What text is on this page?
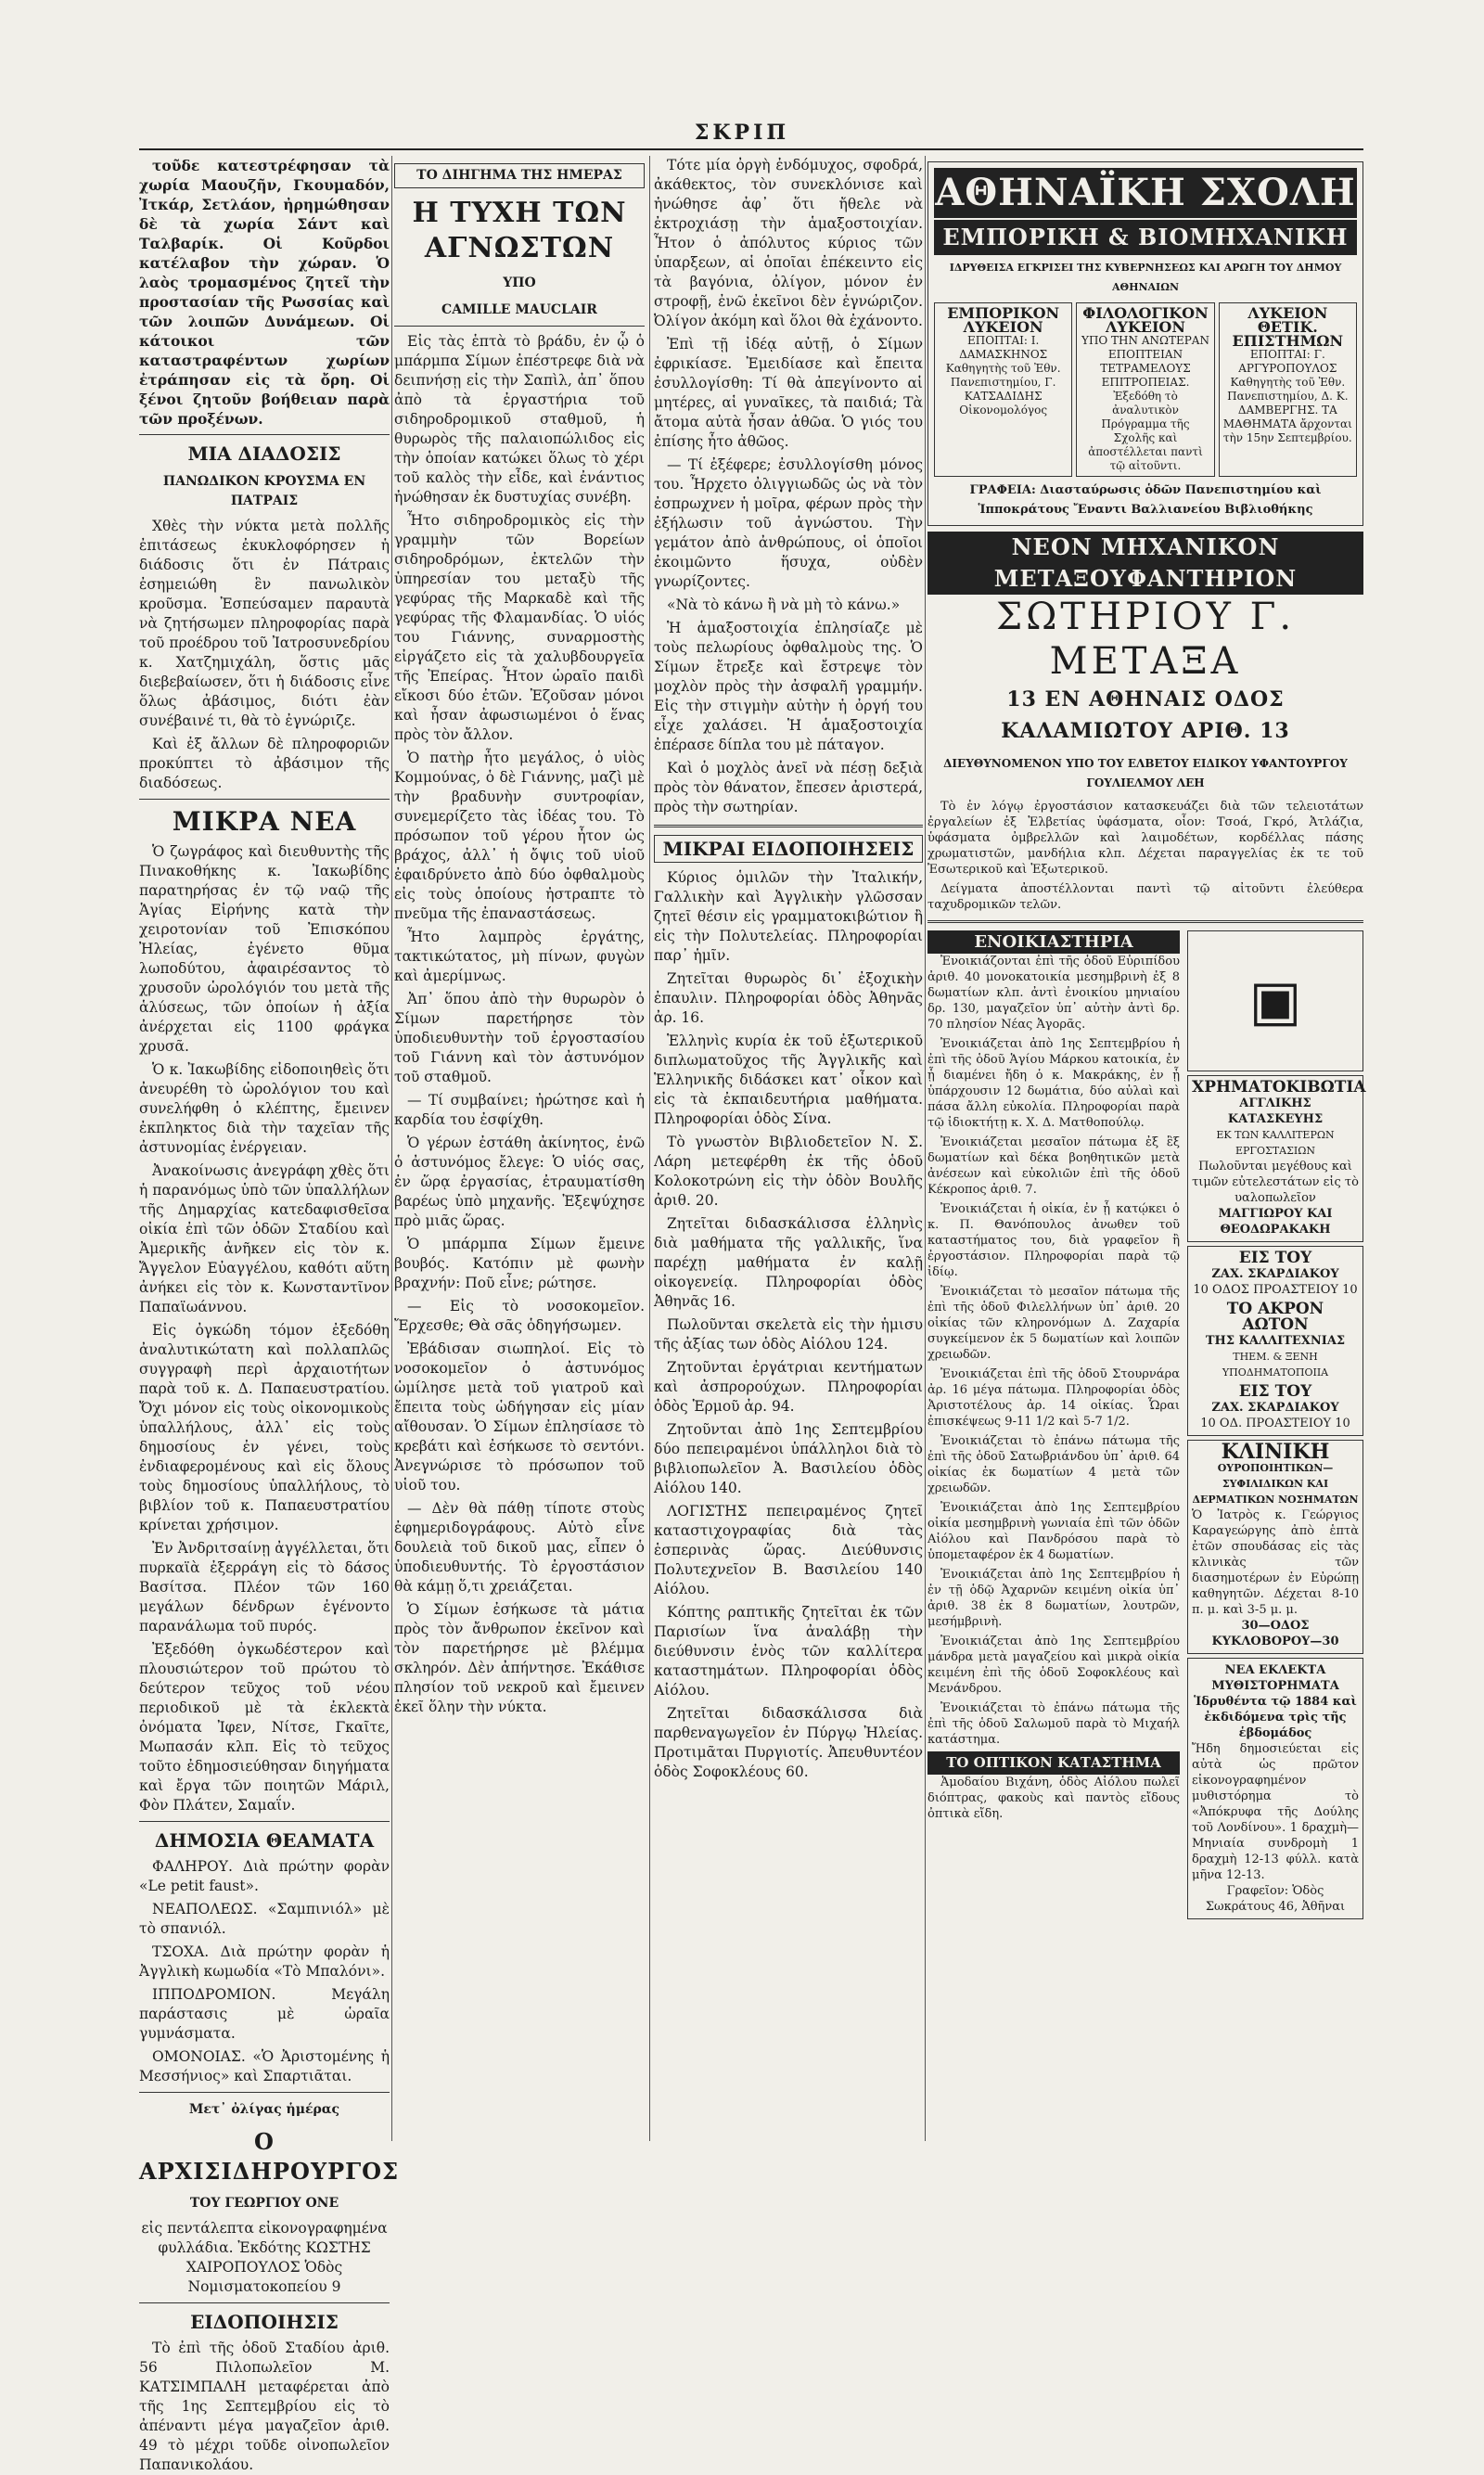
ΣΚΡΙΠ

τοῦδε κατεστρέφησαν τὰ χωρία Μαουζῆν, Γκουμαδόν, Ἰτκάρ, Σετλάον, ἠρημώθησαν δὲ τὰ χωρία Σάντ καὶ Ταλβαρίκ. Οἱ Κοῦρδοι κατέλαβον τὴν χώραν. Ὁ λαὸς τρομασμένος ζητεῖ τὴν προστασίαν τῆς Ρωσσίας καὶ τῶν λοιπῶν Δυνάμεων. Οἱ κάτοικοι τῶν καταστραφέντων χωρίων ἐτράπησαν εἰς τὰ ὄρη. Οἱ ξένοι ζητοῦν βοήθειαν παρὰ τῶν προξένων.

ΜΙΑ ΔΙΑΔΟΣΙΣ
ΠΑΝΩΔΙΚΟΝ ΚΡΟΥΣΜΑ ΕΝ ΠΑΤΡΑΙΣ

Χθὲς τὴν νύκτα μετὰ πολλῆς ἐπιτάσεως ἐκυκλοφόρησεν ἡ διάδοσις ὅτι ἐν Πάτραις ἐσημειώθη ἓν πανωλικὸν κροῦσμα. Ἐσπεύσαμεν παραυτὰ νὰ ζητήσωμεν πληροφορίας παρὰ τοῦ προέδρου τοῦ Ἰατροσυνεδρίου κ. Χατζημιχάλη, ὅστις μᾶς διεβεβαίωσεν, ὅτι ἡ διάδοσις εἶνε ὅλως ἀβάσιμος, διότι ἐὰν συνέβαινέ τι, θὰ τὸ ἐγνώριζε.

Καὶ ἐξ ἄλλων δὲ πληροφοριῶν προκύπτει τὸ ἀβάσιμον τῆς διαδόσεως.

ΜΙΚΡΑ ΝΕΑ

Ὁ ζωγράφος καὶ διευθυντὴς τῆς Πινακοθήκης κ. Ἰακωβίδης παρατηρήσας ἐν τῷ ναῷ τῆς Ἁγίας Εἰρήνης κατὰ τὴν χειροτονίαν τοῦ Ἐπισκόπου Ἠλείας, ἐγένετο θῦμα λωποδύτου, ἀφαιρέσαντος τὸ χρυσοῦν ὡρολόγιόν του μετὰ τῆς ἁλύσεως, τῶν ὁποίων ἡ ἀξία ἀνέρχεται εἰς 1100 φράγκα χρυσᾶ.

Ὁ κ. Ἰακωβίδης εἰδοποιηθεὶς ὅτι ἀνευρέθη τὸ ὡρολόγιον του καὶ συνελήφθη ὁ κλέπτης, ἔμεινεν ἐκπληκτος διὰ τὴν ταχεῖαν τῆς ἀστυνομίας ἐνέργειαν.

Ἀνακοίνωσις ἀνεγράφη χθὲς ὅτι ἡ παρανόμως ὑπὸ τῶν ὑπαλλήλων τῆς Δημαρχίας κατεδαφισθεῖσα οἰκία ἐπὶ τῶν ὁδῶν Σταδίου καὶ Ἀμερικῆς ἀνῆκεν εἰς τὸν κ. Ἄγγελον Εὐαγγέλου, καθότι αὕτη ἀνήκει εἰς τὸν κ. Κωνσταντῖνον Παπαϊωάννου.

Εἰς ὀγκώδη τόμον ἐξεδόθη ἀναλυτικώτατη καὶ πολλαπλῶς συγγραφὴ περὶ ἀρχαιοτήτων παρὰ τοῦ κ. Δ. Παπαευστρατίου. Ὄχι μόνον εἰς τοὺς οἰκονομικοὺς ὑπαλλήλους, ἀλλ᾽ εἰς τοὺς δημοσίους ἐν γένει, τοὺς ἐνδιαφερομένους καὶ εἰς ὅλους τοὺς δημοσίους ὑπαλλήλους, τὸ βιβλίον τοῦ κ. Παπαευστρατίου κρίνεται χρήσιμον.

Ἐν Ἀνδριτσαίνῃ ἀγγέλλεται, ὅτι πυρκαϊὰ ἐξερράγη εἰς τὸ δάσος Βασίτσα. Πλέον τῶν 160 μεγάλων δένδρων ἐγένοντο παρανάλωμα τοῦ πυρός.

Ἐξεδόθη ὀγκωδέστερον καὶ πλουσιώτερον τοῦ πρώτου τὸ δεύτερον τεῦχος τοῦ νέου περιοδικοῦ μὲ τὰ ἐκλεκτὰ ὀνόματα Ἰφεν, Νίτσε, Γκαῖτε, Μωπασάν κλπ. Εἰς τὸ τεῦχος τοῦτο ἐδημοσιεύθησαν διηγήματα καὶ ἔργα τῶν ποιητῶν Μάριλ, Φὸν Πλάτεν, Σαμαΐν.

ΔΗΜΟΣΙΑ ΘΕΑΜΑΤΑ

ΦΑΛΗΡΟΥ. Διὰ πρώτην φορὰν «Le petit faust».

ΝΕΑΠΟΛΕΩΣ. «Σαμπινιόλ» μὲ τὸ σπανιόλ.

ΤΣΟΧΑ. Διὰ πρώτην φορὰν ἡ Ἀγγλικὴ κωμωδία «Τὸ Μπαλόνι».

ΙΠΠΟΔΡΟΜΙΟΝ. Μεγάλη παράστασις μὲ ὡραῖα γυμνάσματα.

ΟΜΟΝΟΙΑΣ. «Ὁ Ἀριστομένης ἡ Μεσσήνιος» καὶ Σπαρτιᾶται.

Μετ᾽ ὀλίγας ἡμέρας
Ο ΑΡΧΙΣΙΔΗΡΟΥΡΓΟΣ
ΤΟΥ ΓΕΩΡΓΙΟΥ ΟΝΕ

εἰς πεντάλεπτα εἰκονογραφημένα φυλλάδια. Ἐκδότης ΚΩΣΤΗΣ ΧΑΙΡΟΠΟΥΛΟΣ Ὁδὸς Νομισματοκοπείου 9

ΕΙΔΟΠΟΙΗΣΙΣ

Τὸ ἐπὶ τῆς ὁδοῦ Σταδίου ἀριθ. 56 Πιλοπωλεῖον Μ. ΚΑΤΣΙΜΠΑΛΗ μεταφέρεται ἀπὸ τῆς 1ης Σεπτεμβρίου εἰς τὸ ἀπέναντι μέγα μαγαζεῖον ἀριθ. 49 τὸ μέχρι τοῦδε οἰνοπωλεῖον Παπανικολάου.

ΤΟ ΔΙΗΓΗΜΑ ΤΗΣ ΗΜΕΡΑΣ
Η ΤΥΧΗ ΤΩΝ ΑΓΝΩΣΤΩΝ
ΥΠΟ
CAMILLE MAUCLAIR

Εἰς τὰς ἑπτὰ τὸ βράδυ, ἐν ᾧ ὁ μπάρμπα Σίμων ἐπέστρεφε διὰ νὰ δειπνήσῃ εἰς τὴν Σαπὶλ, ἀπ᾽ ὅπου ἀπὸ τὰ ἐργαστήρια τοῦ σιδηροδρομικοῦ σταθμοῦ, ἡ θυρωρὸς τῆς παλαιοπώλιδος εἰς τὴν ὁποίαν κατώκει ὅλως τὸ χέρι τοῦ καλὸς τὴν εἶδε, καὶ ἐνάντιος ἠνώθησαν ἐκ δυστυχίας συνέβη.

Ἦτο σιδηροδρομικὸς εἰς τὴν γραμμὴν τῶν Βορείων σιδηροδρόμων, ἐκτελῶν τὴν ὑπηρεσίαν του μεταξὺ τῆς γεφύρας τῆς Μαρκαδὲ καὶ τῆς γεφύρας τῆς Φλαμανδίας. Ὁ υἱός του Γιάννης, συναρμοστὴς εἰργάζετο εἰς τὰ χαλυβδουργεῖα τῆς Ἐπείρας. Ἦτον ὡραῖο παιδὶ εἴκοσι δύο ἐτῶν. Ἐζοῦσαν μόνοι καὶ ἦσαν ἀφωσιωμένοι ὁ ἕνας πρὸς τὸν ἄλλον.

Ὁ πατὴρ ἦτο μεγάλος, ὁ υἱὸς Κομμούνας, ὁ δὲ Γιάννης, μαζὶ μὲ τὴν βραδυνὴν συντροφίαν, συνεμερίζετο τὰς ἰδέας του. Τὸ πρόσωπον τοῦ γέρου ἦτον ὡς βράχος, ἀλλ᾽ ἡ ὄψις τοῦ υἱοῦ ἐφαιδρύνετο ἀπὸ δύο ὀφθαλμοὺς εἰς τοὺς ὁποίους ἠστραπτε τὸ πνεῦμα τῆς ἐπαναστάσεως.

Ἦτο λαμπρὸς ἐργάτης, τακτικώτατος, μὴ πίνων, φυγὼν καὶ ἀμερίμνως.

Ἀπ᾽ ὅπου ἀπὸ τὴν θυρωρὸν ὁ Σίμων παρετήρησε τὸν ὑποδιευθυντὴν τοῦ ἐργοστασίου τοῦ Γιάννη καὶ τὸν ἀστυνόμον τοῦ σταθμοῦ.

— Τί συμβαίνει; ἠρώτησε καὶ ἡ καρδία του ἐσφίχθη.

Ὁ γέρων ἐστάθη ἀκίνητος, ἐνῶ ὁ ἀστυνόμος ἔλεγε: Ὁ υἱός σας, ἐν ὥρᾳ ἐργασίας, ἐτραυματίσθη βαρέως ὑπὸ μηχανῆς. Ἐξεψύχησε πρὸ μιᾶς ὥρας.

Ὁ μπάρμπα Σίμων ἔμεινε βουβός. Κατόπιν μὲ φωνὴν βραχνήν: Ποῦ εἶνε; ρώτησε.

— Εἰς τὸ νοσοκομεῖον. Ἔρχεσθε; Θὰ σᾶς ὁδηγήσωμεν.

Ἐβάδισαν σιωπηλοί. Εἰς τὸ νοσοκομεῖον ὁ ἀστυνόμος ὡμίλησε μετὰ τοῦ γιατροῦ καὶ ἔπειτα τοὺς ὡδήγησαν εἰς μίαν αἴθουσαν. Ὁ Σίμων ἐπλησίασε τὸ κρεβάτι καὶ ἐσήκωσε τὸ σεντόνι. Ἀνεγνώρισε τὸ πρόσωπον τοῦ υἱοῦ του.

— Δὲν θὰ πάθῃ τίποτε στοὺς ἐφημεριδογράφους. Αὐτὸ εἶνε δουλειὰ τοῦ δικοῦ μας, εἶπεν ὁ ὑποδιευθυντής. Τὸ ἐργοστάσιον θὰ κάμῃ ὅ,τι χρειάζεται.

Ὁ Σίμων ἐσήκωσε τὰ μάτια πρὸς τὸν ἄνθρωπον ἐκεῖνον καὶ τὸν παρετήρησε μὲ βλέμμα σκληρόν. Δὲν ἀπήντησε. Ἐκάθισε πλησίον τοῦ νεκροῦ καὶ ἔμεινεν ἐκεῖ ὅλην τὴν νύκτα.

Τότε μία ὀργὴ ἐνδόμυχος, σφοδρά, ἀκάθεκτος, τὸν συνεκλόνισε καὶ ἠνώθησε ἀφ᾽ ὅτι ἤθελε νὰ ἐκτροχιάσῃ τὴν ἁμαξοστοιχίαν. Ἦτον ὁ ἀπόλυτος κύριος τῶν ὑπαρξεων, αἱ ὁποῖαι ἐπέκειντο εἰς τὰ βαγόνια, ὀλίγον, μόνον ἐν στροφῇ, ἐνῶ ἐκεῖνοι δὲν ἐγνώριζον. Ὀλίγον ἀκόμη καὶ ὅλοι θὰ ἐχάνοντο.

Ἐπὶ τῇ ἰδέᾳ αὐτῇ, ὁ Σίμων ἐφρικίασε. Ἐμειδίασε καὶ ἔπειτα ἐσυλλογίσθη: Τί θὰ ἀπεγίνοντο αἱ μητέρες, αἱ γυναῖκες, τὰ παιδιά; Τὰ ἄτομα αὐτὰ ἦσαν ἀθῶα. Ὁ γιός του ἐπίσης ἦτο ἀθῶος.

— Τί ἐξέφερε; ἐσυλλογίσθη μόνος του. Ἦρχετο ὀλιγγιωδῶς ὡς νὰ τὸν ἐσπρωχνεν ἡ μοῖρα, φέρων πρὸς τὴν ἐξήλωσιν τοῦ ἀγνώστου. Τὴν γεμάτον ἀπὸ ἀνθρώπους, οἱ ὁποῖοι ἐκοιμῶντο ἥσυχα, οὐδὲν γνωρίζοντες.

«Νὰ τὸ κάνω ἢ νὰ μὴ τὸ κάνω.»

Ἡ ἁμαξοστοιχία ἐπλησίαζε μὲ τοὺς πελωρίους ὀφθαλμοὺς της. Ὁ Σίμων ἔτρεξε καὶ ἔστρεψε τὸν μοχλὸν πρὸς τὴν ἀσφαλῆ γραμμήν. Εἰς τὴν στιγμὴν αὐτὴν ἡ ὀργή του εἶχε χαλάσει. Ἡ ἁμαξοστοιχία ἐπέρασε δίπλα του μὲ πάταγον.

Καὶ ὁ μοχλὸς ἀνεῖ νὰ πέσῃ δεξιὰ πρὸς τὸν θάνατον, ἔπεσεν ἀριστερά, πρὸς τὴν σωτηρίαν.

ΜΙΚΡΑΙ ΕΙΔΟΠΟΙΗΣΕΙΣ

Κύριος ὁμιλῶν τὴν Ἰταλικήν, Γαλλικὴν καὶ Ἀγγλικὴν γλῶσσαν ζητεῖ θέσιν εἰς γραμματοκιβώτιον ἢ εἰς τὴν Πολυτελείας. Πληροφορίαι παρ᾽ ἡμῖν.

Ζητεῖται θυρωρὸς δι᾽ ἐξοχικὴν ἐπαυλιν. Πληροφορίαι ὁδὸς Ἀθηνᾶς ἀρ. 16.

Ἑλληνὶς κυρία ἐκ τοῦ ἐξωτερικοῦ διπλωματοῦχος τῆς Ἀγγλικῆς καὶ Ἑλληνικῆς διδάσκει κατ᾽ οἶκον καὶ εἰς τὰ ἐκπαιδευτήρια μαθήματα. Πληροφορίαι ὁδὸς Σίνα.

Τὸ γνωστὸν Βιβλιοδετεῖον Ν. Σ. Λάρη μετεφέρθη ἐκ τῆς ὁδοῦ Κολοκοτρώνη εἰς τὴν ὁδὸν Βουλῆς ἀριθ. 20.

Ζητεῖται διδασκάλισσα ἑλληνὶς διὰ μαθήματα τῆς γαλλικῆς, ἵνα παρέχῃ μαθήματα ἐν καλῇ οἰκογενείᾳ. Πληροφορίαι ὁδὸς Ἀθηνᾶς 16.

Πωλοῦνται σκελετὰ εἰς τὴν ἡμισυ τῆς ἀξίας των ὁδὸς Αἰόλου 124.

Ζητοῦνται ἐργάτριαι κεντήματων καὶ ἀσπρορούχων. Πληροφορίαι ὁδὸς Ἑρμοῦ ἀρ. 94.

Ζητοῦνται ἀπὸ 1ης Σεπτεμβρίου δύο πεπειραμένοι ὑπάλληλοι διὰ τὸ βιβλιοπωλεῖον Ἀ. Βασιλείου ὁδὸς Αἰόλου 140.

ΛΟΓΙΣΤΗΣ πεπειραμένος ζητεῖ καταστιχογραφίας διὰ τὰς ἑσπερινὰς ὥρας. Διεύθυνσις Πολυτεχνεῖον Β. Βασιλείου 140 Αἰόλου.

Κόπτης ραπτικῆς ζητεῖται ἐκ τῶν Παρισίων ἵνα ἀναλάβῃ τὴν διεύθυνσιν ἐνὸς τῶν καλλίτερα καταστημάτων. Πληροφορίαι ὁδὸς Αἰόλου.

Ζητεῖται διδασκάλισσα διὰ παρθεναγωγεῖον ἐν Πύργῳ Ἠλείας. Προτιμᾶται Πυργιοτίς. Ἀπευθυντέον ὁδὸς Σοφοκλέους 60.

ΑΘΗΝΑΪΚΗ ΣΧΟΛΗ
ΕΜΠΟΡΙΚΗ & ΒΙΟΜΗΧΑΝΙΚΗ
ΙΔΡΥΘΕΙΣΑ ΕΓΚΡΙΣΕΙ ΤΗΣ ΚΥΒΕΡΝΗΣΕΩΣ ΚΑΙ ΑΡΩΓΗ ΤΟΥ ΔΗΜΟΥ ΑΘΗΝΑΙΩΝ
ΕΜΠΟΡΙΚΟΝ ΛΥΚΕΙΟΝ
ΕΠΟΠΤΑΙ: Ι. ΔΑΜΑΣΚΗΝΟΣ Καθηγητὴς τοῦ Ἐθν. Πανεπιστημίου, Γ. ΚΑΤΣΑΔΙΔΗΣ Οἰκονομολόγος
ΦΙΛΟΛΟΓΙΚΟΝ ΛΥΚΕΙΟΝ
ΥΠΟ ΤΗΝ ΑΝΩΤΕΡΑΝ ΕΠΟΠΤΕΙΑΝ ΤΕΤΡΑΜΕΛΟΥΣ ΕΠΙΤΡΟΠΕΙΑΣ. Ἐξεδόθη τὸ ἀναλυτικὸν Πρόγραμμα τῆς Σχολῆς καὶ ἀποστέλλεται παντὶ τῷ αἰτοῦντι.
ΛΥΚΕΙΟΝ ΘΕΤΙΚ. ΕΠΙΣΤΗΜΩΝ
ΕΠΟΠΤΑΙ: Γ. ΑΡΓΥΡΟΠΟΥΛΟΣ Καθηγητὴς τοῦ Ἐθν. Πανεπιστημίου, Δ. Κ. ΔΑΜΒΕΡΓΗΣ. ΤΑ ΜΑΘΗΜΑΤΑ ἄρχονται τὴν 15ην Σεπτεμβρίου.
ΓΡΑΦΕΙΑ: Διασταύρωσις ὁδῶν Πανεπιστημίου καὶ Ἱπποκράτους Ἔναντι Βαλλιανείου Βιβλιοθήκης
ΝΕΟΝ ΜΗΧΑΝΙΚΟΝ ΜΕΤΑΞΟΥΦΑΝΤΗΡΙΟΝ
ΣΩΤΗΡΙΟΥ Γ. ΜΕΤΑΞΑ
13 ΕΝ ΑΘΗΝΑΙΣ ΟΔΟΣ ΚΑΛΑΜΙΩΤΟΥ ΑΡΙΘ. 13
ΔΙΕΥΘΥΝΟΜΕΝΟΝ ΥΠΟ ΤΟΥ ΕΛΒΕΤΟΥ ΕΙΔΙΚΟΥ ΥΦΑΝΤΟΥΡΓΟΥ ΓΟΥΛΙΕΛΜΟΥ ΛΕΗ

Τὸ ἐν λόγῳ ἐργοστάσιον κατασκευάζει διὰ τῶν τελειοτάτων ἐργαλείων ἐξ Ἑλβετίας ὑφάσματα, οἷον: Τσοά, Γκρό, Ἀτλάζια, ὑφάσματα ὀμβρελλῶν καὶ λαιμοδέτων, κορδέλλας πάσης χρωματιστῶν, μανδήλια κλπ. Δέχεται παραγγελίας ἐκ τε τοῦ Ἐσωτερικοῦ καὶ Ἐξωτερικοῦ.

Δείγματα ἀποστέλλονται παντὶ τῷ αἰτοῦντι ἐλεύθερα ταχυδρομικῶν τελῶν.

ΕΝΟΙΚΙΑΣΤΗΡΙΑ

Ἐνοικιάζονται ἐπὶ τῆς ὁδοῦ Εὐριπίδου ἀριθ. 40 μονοκατοικία μεσημβρινὴ ἐξ 8 δωματίων κλπ. ἀντὶ ἐνοικίου μηνιαίου δρ. 130, μαγαζεῖον ὑπ᾽ αὐτὴν ἀντὶ δρ. 70 πλησίον Νέας Ἀγορᾶς.

Ἐνοικιάζεται ἀπὸ 1ης Σεπτεμβρίου ἡ ἐπὶ τῆς ὁδοῦ Ἁγίου Μάρκου κατοικία, ἐν ᾗ διαμένει ἤδη ὁ κ. Μακράκης, ἐν ᾗ ὑπάρχουσιν 12 δωμάτια, δύο αὐλαὶ καὶ πάσα ἄλλη εὐκολία. Πληροφορίαι παρὰ τῷ ἰδιοκτήτῃ κ. Χ. Δ. Ματθοπούλῳ.

Ἐνοικιάζεται μεσαῖον πάτωμα ἐξ ἓξ δωματίων καὶ δέκα βοηθητικῶν μετὰ ἀνέσεων καὶ εὐκολιῶν ἐπὶ τῆς ὁδοῦ Κέκροπος ἀριθ. 7.

Ἐνοικιάζεται ἡ οἰκία, ἐν ᾗ κατῴκει ὁ κ. Π. Θανόπουλος ἀνωθεν τοῦ καταστήματος του, διὰ γραφεῖον ἢ ἐργοστάσιον. Πληροφορίαι παρὰ τῷ ἰδίῳ.

Ἐνοικιάζεται τὸ μεσαῖον πάτωμα τῆς ἐπὶ τῆς ὁδοῦ Φιλελλήνων ὑπ᾽ ἀριθ. 20 οἰκίας τῶν κληρονόμων Δ. Ζαχαρία συγκείμενον ἐκ 5 δωματίων καὶ λοιπῶν χρειωδῶν.

Ἐνοικιάζεται ἐπὶ τῆς ὁδοῦ Στουρνάρα ἀρ. 16 μέγα πάτωμα. Πληροφορίαι ὁδὸς Ἀριστοτέλους ἀρ. 14 οἰκίας. Ὧραι ἐπισκέψεως 9-11 1/2 καὶ 5-7 1/2.

Ἐνοικιάζεται τὸ ἐπάνω πάτωμα τῆς ἐπὶ τῆς ὁδοῦ Σατωβριάνδου ὑπ᾽ ἀριθ. 64 οἰκίας ἐκ δωματίων 4 μετὰ τῶν χρειωδῶν.

Ἐνοικιάζεται ἀπὸ 1ης Σεπτεμβρίου οἰκία μεσημβρινὴ γωνιαία ἐπὶ τῶν ὁδῶν Αἰόλου καὶ Πανδρόσου παρὰ τὸ ὑπομεταφέρον ἐκ 4 δωματίων.

Ἐνοικιάζεται ἀπὸ 1ης Σεπτεμβρίου ἡ ἐν τῇ ὁδῷ Ἀχαρνῶν κειμένη οἰκία ὑπ᾽ ἀριθ. 38 ἐκ 8 δωματίων, λουτρῶν, μεσήμβρινὴ.

Ἐνοικιάζεται ἀπὸ 1ης Σεπτεμβρίου μάνδρα μετὰ μαγαζείου καὶ μικρὰ οἰκία κειμένη ἐπὶ τῆς ὁδοῦ Σοφοκλέους καὶ Μενάνδρου.

Ἐνοικιάζεται τὸ ἐπάνω πάτωμα τῆς ἐπὶ τῆς ὁδοῦ Σαλωμοῦ παρὰ τὸ Μιχαήλ κατάστημα.

ΤΟ ΟΠΤΙΚΟΝ ΚΑΤΑΣΤΗΜΑ

Ἀμοδαίου Βιχάνη, ὁδὸς Αἰόλου πωλεῖ διόπτρας, φακοὺς καὶ παντὸς εἴδους ὀπτικὰ εἴδη.

▣
ΧΡΗΜΑΤΟΚΙΒΩΤΙΑ
ΑΓΓΛΙΚΗΣ ΚΑΤΑΣΚΕΥΗΣ
ΕΚ ΤΩΝ ΚΑΛΛΙΤΕΡΩΝ ΕΡΓΟΣΤΑΣΙΩΝ
Πωλοῦνται μεγέθους καὶ τιμῶν εὐτελεστάτων εἰς τὸ υαλοπωλεῖον
ΜΑΓΓΙΩΡΟΥ ΚΑΙ ΘΕΟΔΩΡΑΚΑΚΗ
ΕΙΣ ΤΟΥ
ΖΑΧ. ΣΚΑΡΔΙΑΚΟΥ
10 ΟΔΟΣ ΠΡΟΑΣΤΕΙΟΥ 10
ΤΟ ΑΚΡΟΝ ΑΩΤΟΝ
ΤΗΣ ΚΑΛΛΙΤΕΧΝΙΑΣ
ΤΗΕΜ. & ΞΕΝΗ ΥΠΟΔΗΜΑΤΟΠΟΙΙΑ
ΕΙΣ ΤΟΥ
ΖΑΧ. ΣΚΑΡΔΙΑΚΟΥ
10 ΟΔ. ΠΡΟΑΣΤΕΙΟΥ 10
ΚΛΙΝΙΚΗ
ΟΥΡΟΠΟΙΗΤΙΚΩΝ—ΣΥΦΙΛΙΔΙΚΩΝ ΚΑΙ ΔΕΡΜΑΤΙΚΩΝ ΝΟΣΗΜΑΤΩΝ
Ὁ Ἰατρὸς κ. Γεώργιος Καραγεώργης ἀπὸ ἑπτὰ ἐτῶν σπουδάσας εἰς τὰς κλινικὰς τῶν διασημοτέρων ἐν Εὐρώπῃ καθηγητῶν. Δέχεται 8-10 π. μ. καὶ 3-5 μ. μ.
30—ΟΔΟΣ ΚΥΚΛΟΒΟΡΟΥ—30
ΝΕΑ ΕΚΛΕΚΤΑ ΜΥΘΙΣΤΟΡΗΜΑΤΑ
Ἱδρυθέντα τῷ 1884 καὶ ἐκδιδόμενα τρὶς τῆς ἑβδομάδος
Ἤδη δημοσιεύεται εἰς αὐτὰ ὡς πρῶτον εἰκονογραφημένον μυθιστόρημα τὸ «Ἀπόκρυφα τῆς Δούλης τοῦ Λονδίνου». 1 δραχμὴ—Μηνιαία συνδρομὴ 1 δραχμὴ 12-13 φύλλ. κατὰ μῆνα 12-13.
Γραφεῖον: Ὁδὸς Σωκράτους 46, Ἀθῆναι
